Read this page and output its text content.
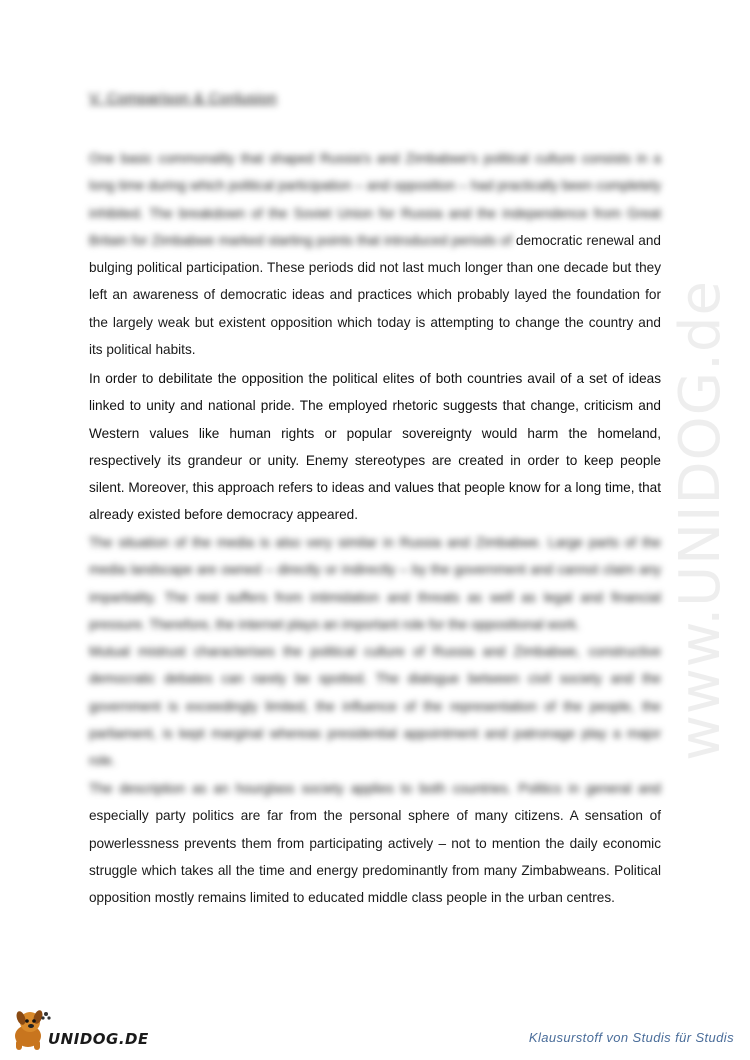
www.UNIDOG.de
V. Comparison & Conlusion

One basic commonality that shaped Russia's and Zimbabwe's political culture consists in a long time during which political participation – and opposition – had practically been completely inhibited. The breakdown of the Soviet Union for Russia and the independence from Great Britain for Zimbabwe marked starting points that introduced periods of democratic renewal and bulging political participation. These periods did not last much longer than one decade but they left an awareness of democratic ideas and practices which probably layed the foundation for the largely weak but existent opposition which today is attempting to change the country and its political habits.

In order to debilitate the opposition the political elites of both countries avail of a set of ideas linked to unity and national pride. The employed rhetoric suggests that change, criticism and Western values like human rights or popular sovereignty would harm the homeland, respectively its grandeur or unity. Enemy stereotypes are created in order to keep people silent. Moreover, this approach refers to ideas and values that people know for a long time, that already existed before democracy appeared.

The situation of the media is also very similar in Russia and Zimbabwe. Large parts of the media landscape are owned – directly or indirectly – by the government and cannot claim any impartiality. The rest suffers from intimidation and threats as well as legal and financial pressure. Therefore, the internet plays an important role for the oppositional work.

Mutual mistrust characterises the political culture of Russia and Zimbabwe, constructive democratic debates can rarely be spotted. The dialogue between civil society and the government is exceedingly limited, the influence of the representation of the people, the parliament, is kept marginal whereas presidential appointment and patronage play a major role.

The description as an hourglass society applies to both countries. Politics in general and especially party politics are far from the personal sphere of many citizens. A sensation of powerlessness prevents them from participating actively – not to mention the daily economic struggle which takes all the time and energy predominantly from many Zimbabweans. Political opposition mostly remains limited to educated middle class people in the urban centres.

UNIDOG.DE	Klausurstoff von Studis für Studis
